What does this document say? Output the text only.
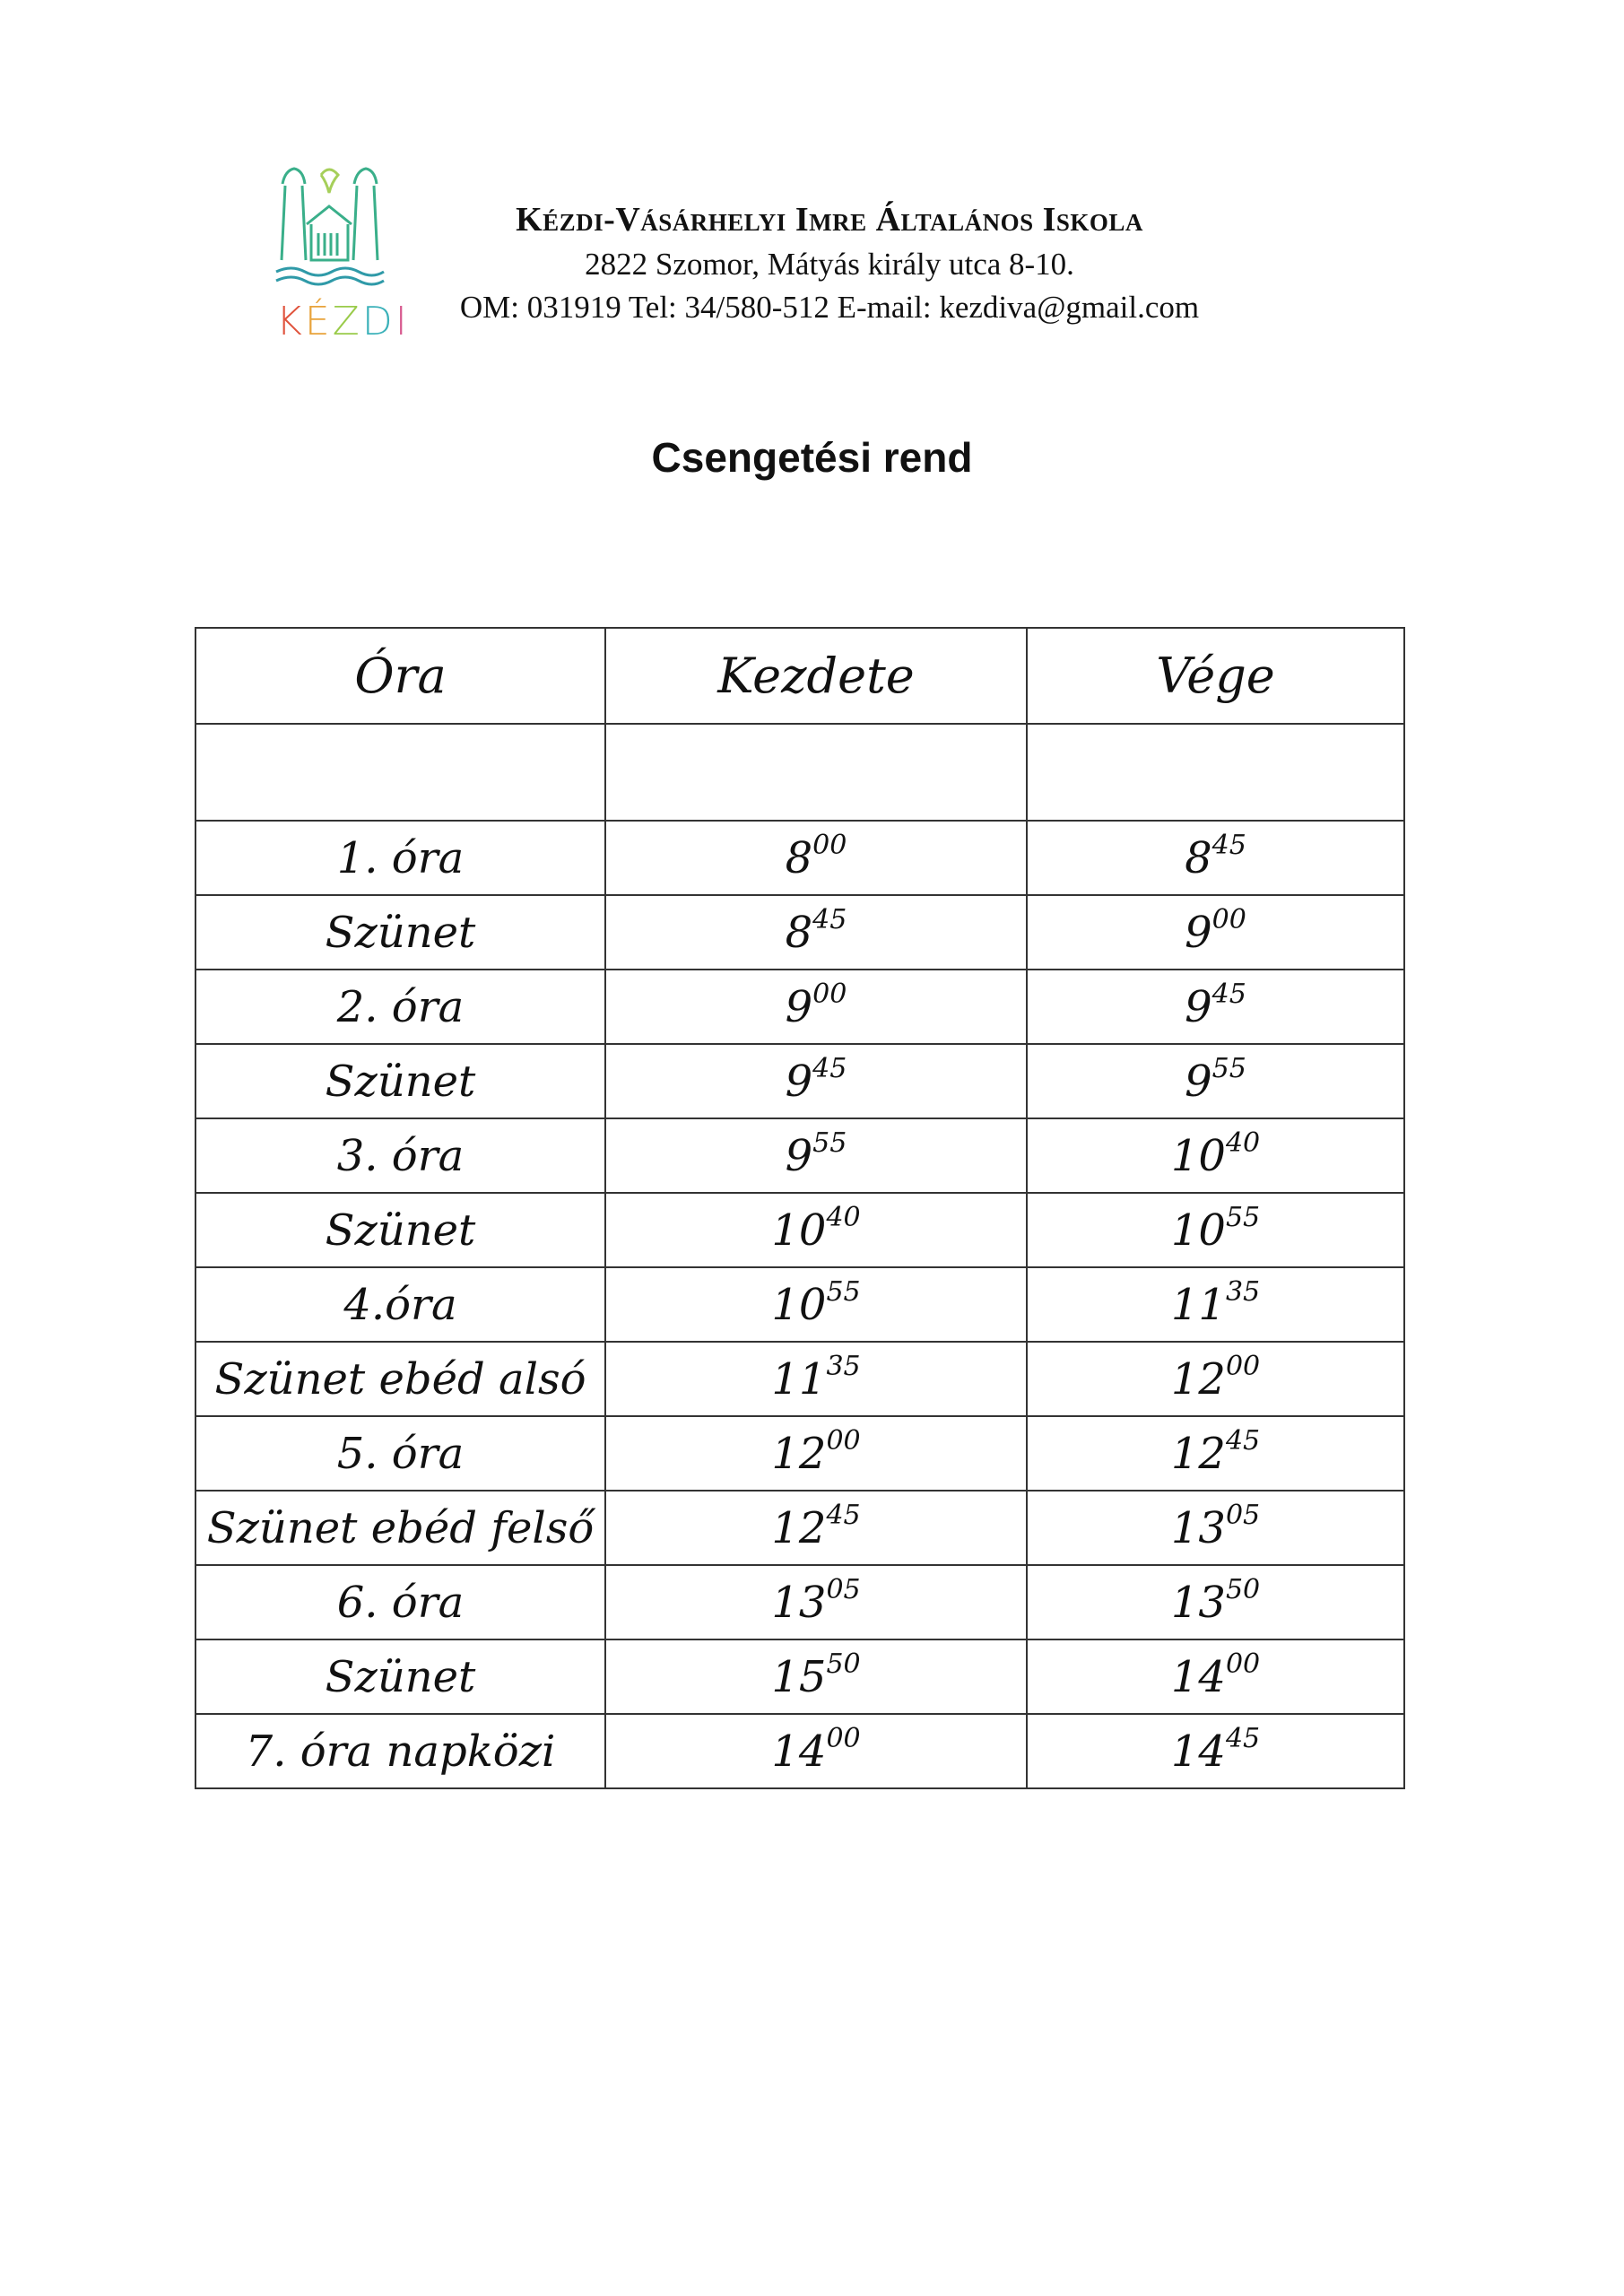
KÉZDI
Kézdi-Vásárhelyi Imre Általános Iskola
2822 Szomor, Mátyás király utca 8-10.
OM: 031919 Tel: 34/580-512 E-mail: kezdiva@gmail.com
Csengetési rend
Óra	Kezdete	Vége

1. óra	$8^{00}$	$8^{45}$
Szünet	$8^{45}$	$9^{00}$
2. óra	$9^{00}$	$9^{45}$
Szünet	$9^{45}$	$9^{55}$
3. óra	$9^{55}$	$10^{40}$
Szünet	$10^{40}$	$10^{55}$
4.óra	$10^{55}$	$11^{35}$
Szünet ebéd alsó	$11^{35}$	$12^{00}$
5. óra	$12^{00}$	$12^{45}$
Szünet ebéd felső	$12^{45}$	$13^{05}$
6. óra	$13^{05}$	$13^{50}$
Szünet	$15^{50}$	$14^{00}$
7. óra napközi	$14^{00}$	$14^{45}$
